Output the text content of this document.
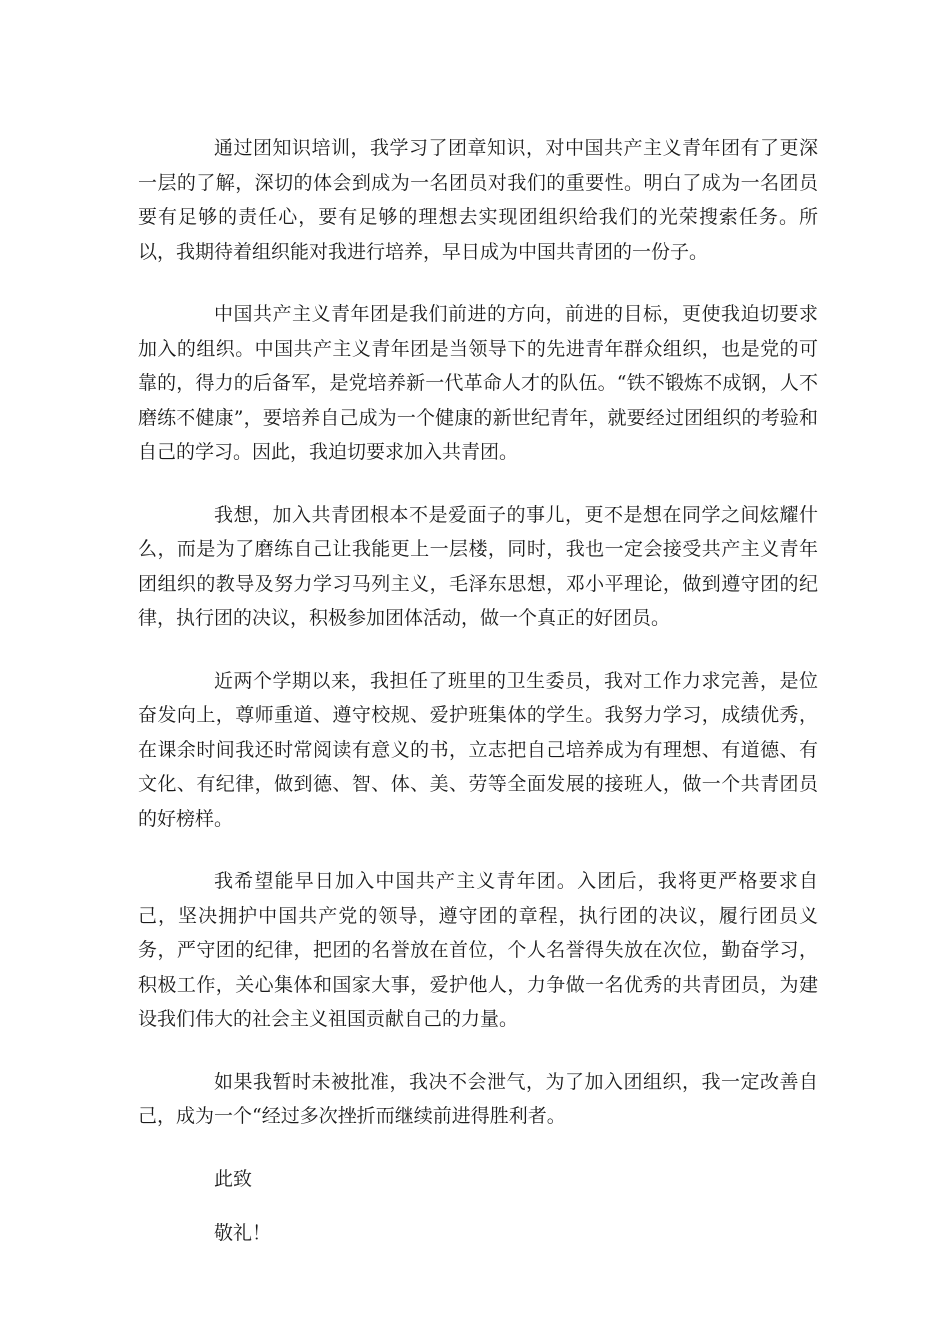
通过团知识培训，我学习了团章知识，对中国共产主义青年团有了更深一层的了解，深切的体会到成为一名团员对我们的重要性。明白了成为一名团员要有足够的责任心，要有足够的理想去实现团组织给我们的光荣搜索任务。所以，我期待着组织能对我进行培养，早日成为中国共青团的一份子。

中国共产主义青年团是我们前进的方向，前进的目标，更使我迫切要求加入的组织。中国共产主义青年团是当领导下的先进青年群众组织，也是党的可靠的，得力的后备军，是党培养新一代革命人才的队伍。“铁不锻炼不成钢，人不磨练不健康”，要培养自己成为一个健康的新世纪青年，就要经过团组织的考验和自己的学习。因此，我迫切要求加入共青团。

我想，加入共青团根本不是爱面子的事儿，更不是想在同学之间炫耀什么，而是为了磨练自己让我能更上一层楼，同时，我也一定会接受共产主义青年团组织的教导及努力学习马列主义，毛泽东思想，邓小平理论，做到遵守团的纪律，执行团的决议，积极参加团体活动，做一个真正的好团员。

近两个学期以来，我担任了班里的卫生委员，我对工作力求完善，是位奋发向上，尊师重道、遵守校规、爱护班集体的学生。我努力学习，成绩优秀，在课余时间我还时常阅读有意义的书，立志把自己培养成为有理想、有道德、有文化、有纪律，做到德、智、体、美、劳等全面发展的接班人，做一个共青团员的好榜样。

我希望能早日加入中国共产主义青年团。入团后，我将更严格要求自己，坚决拥护中国共产党的领导，遵守团的章程，执行团的决议，履行团员义务，严守团的纪律，把团的名誉放在首位，个人名誉得失放在次位，勤奋学习，积极工作，关心集体和国家大事，爱护他人，力争做一名优秀的共青团员，为建设我们伟大的社会主义祖国贡献自己的力量。

如果我暂时未被批准，我决不会泄气，为了加入团组织，我一定改善自己，成为一个“经过多次挫折而继续前进得胜利者。

此致
敬礼！
